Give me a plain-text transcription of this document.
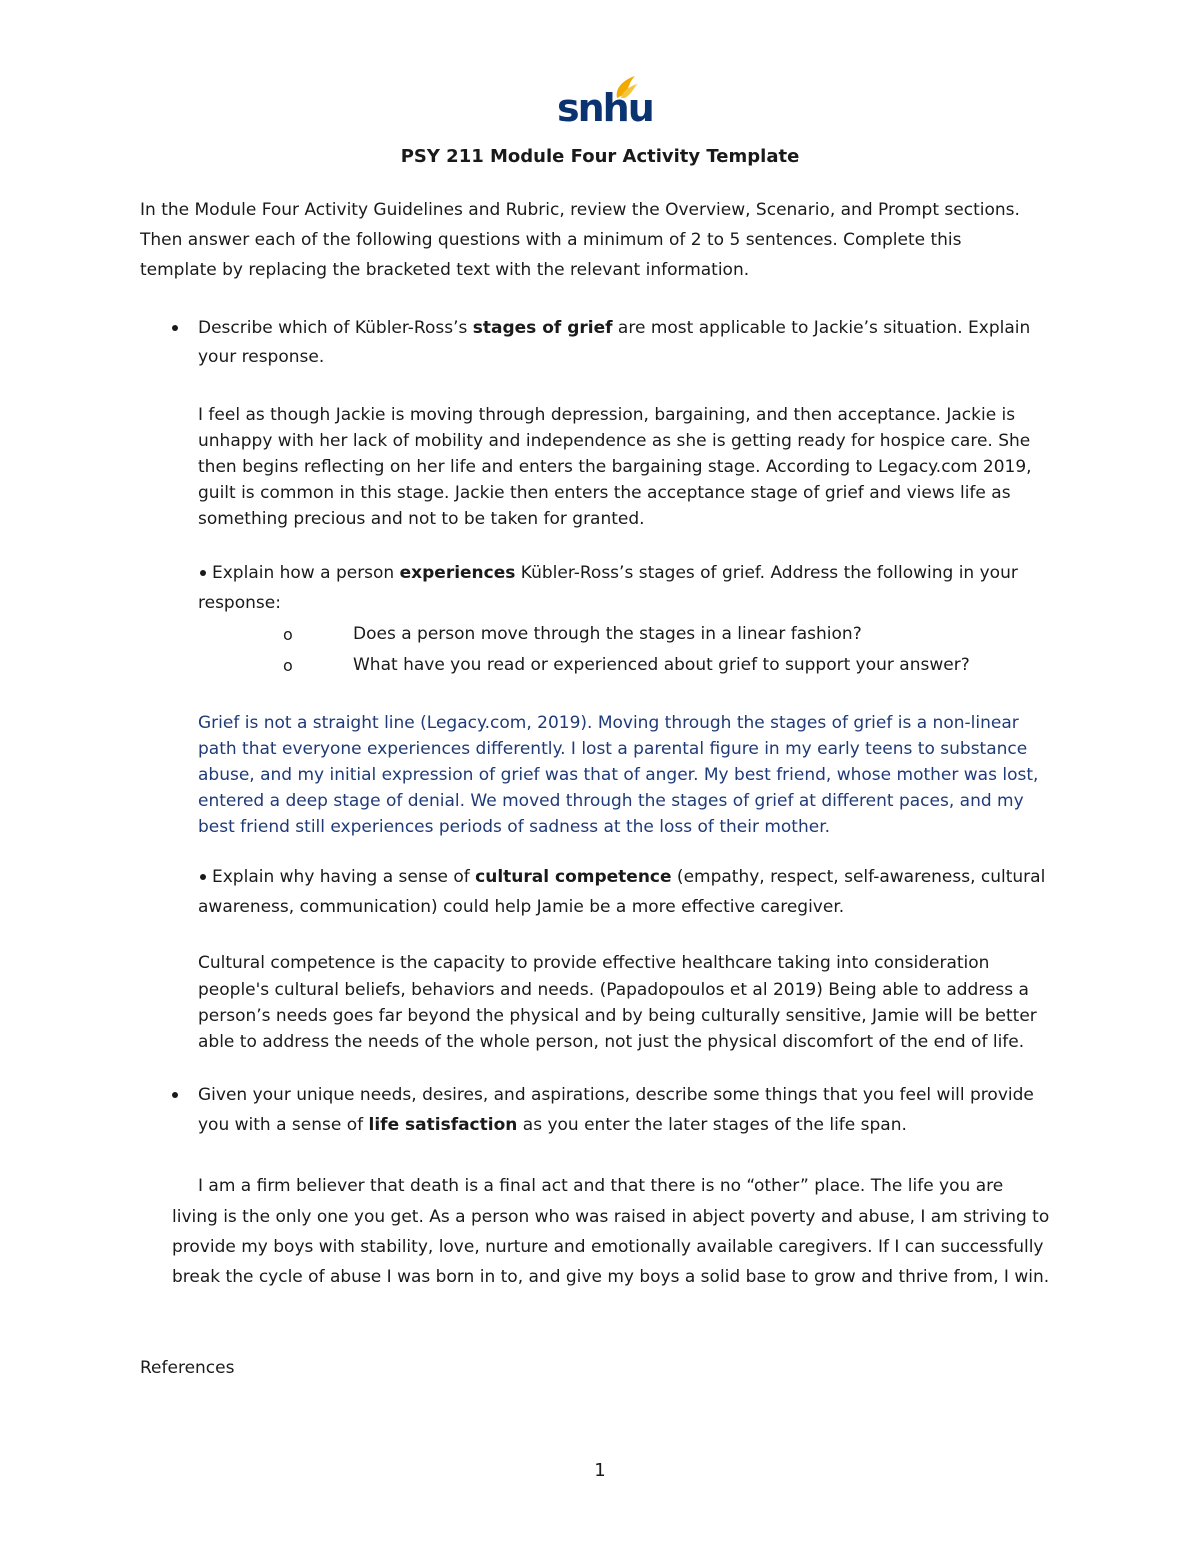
snhu
PSY 211 Module Four Activity Template
In the Module Four Activity Guidelines and Rubric, review the Overview, Scenario, and Prompt sections.
Then answer each of the following questions with a minimum of 2 to 5 sentences. Complete this
template by replacing the bracketed text with the relevant information.
Describe which of Kübler-Ross’s stages of grief are most applicable to Jackie’s situation. Explain
your response.
I feel as though Jackie is moving through depression, bargaining, and then acceptance. Jackie is
unhappy with her lack of mobility and independence as she is getting ready for hospice care. She
then begins reflecting on her life and enters the bargaining stage. According to Legacy.com 2019,
guilt is common in this stage. Jackie then enters the acceptance stage of grief and views life as
something precious and not to be taken for granted.
Explain how a person experiences Kübler-Ross’s stages of grief. Address the following in your
response:
o	Does a person move through the stages in a linear fashion?
o	What have you read or experienced about grief to support your answer?
Grief is not a straight line (Legacy.com, 2019). Moving through the stages of grief is a non-linear
path that everyone experiences differently. I lost a parental figure in my early teens to substance
abuse, and my initial expression of grief was that of anger. My best friend, whose mother was lost,
entered a deep stage of denial. We moved through the stages of grief at different paces, and my
best friend still experiences periods of sadness at the loss of their mother.
Explain why having a sense of cultural competence (empathy, respect, self-awareness, cultural
awareness, communication) could help Jamie be a more effective caregiver.
Cultural competence is the capacity to provide effective healthcare taking into consideration
people's cultural beliefs, behaviors and needs. (Papadopoulos et al 2019) Being able to address a
person’s needs goes far beyond the physical and by being culturally sensitive, Jamie will be better
able to address the needs of the whole person, not just the physical discomfort of the end of life.
Given your unique needs, desires, and aspirations, describe some things that you feel will provide
you with a sense of life satisfaction as you enter the later stages of the life span.
I am a firm believer that death is a final act and that there is no “other” place. The life you are
living is the only one you get. As a person who was raised in abject poverty and abuse, I am striving to
provide my boys with stability, love, nurture and emotionally available caregivers. If I can successfully
break the cycle of abuse I was born in to, and give my boys a solid base to grow and thrive from, I win.
References
1
